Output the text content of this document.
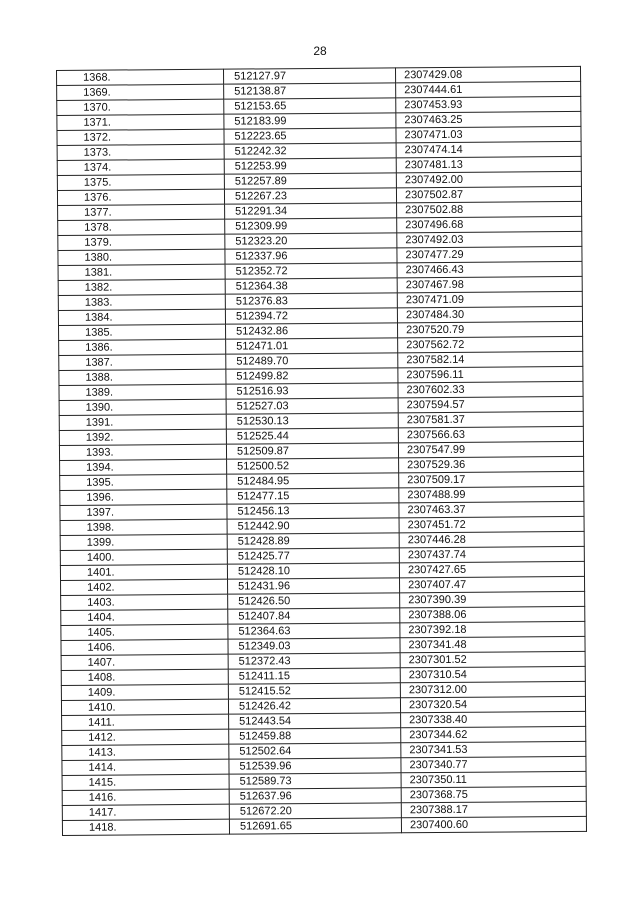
28
1368.	512127.97	2307429.08
1369.	512138.87	2307444.61
1370.	512153.65	2307453.93
1371.	512183.99	2307463.25
1372.	512223.65	2307471.03
1373.	512242.32	2307474.14
1374.	512253.99	2307481.13
1375.	512257.89	2307492.00
1376.	512267.23	2307502.87
1377.	512291.34	2307502.88
1378.	512309.99	2307496.68
1379.	512323.20	2307492.03
1380.	512337.96	2307477.29
1381.	512352.72	2307466.43
1382.	512364.38	2307467.98
1383.	512376.83	2307471.09
1384.	512394.72	2307484.30
1385.	512432.86	2307520.79
1386.	512471.01	2307562.72
1387.	512489.70	2307582.14
1388.	512499.82	2307596.11
1389.	512516.93	2307602.33
1390.	512527.03	2307594.57
1391.	512530.13	2307581.37
1392.	512525.44	2307566.63
1393.	512509.87	2307547.99
1394.	512500.52	2307529.36
1395.	512484.95	2307509.17
1396.	512477.15	2307488.99
1397.	512456.13	2307463.37
1398.	512442.90	2307451.72
1399.	512428.89	2307446.28
1400.	512425.77	2307437.74
1401.	512428.10	2307427.65
1402.	512431.96	2307407.47
1403.	512426.50	2307390.39
1404.	512407.84	2307388.06
1405.	512364.63	2307392.18
1406.	512349.03	2307341.48
1407.	512372.43	2307301.52
1408.	512411.15	2307310.54
1409.	512415.52	2307312.00
1410.	512426.42	2307320.54
1411.	512443.54	2307338.40
1412.	512459.88	2307344.62
1413.	512502.64	2307341.53
1414.	512539.96	2307340.77
1415.	512589.73	2307350.11
1416.	512637.96	2307368.75
1417.	512672.20	2307388.17
1418.	512691.65	2307400.60
